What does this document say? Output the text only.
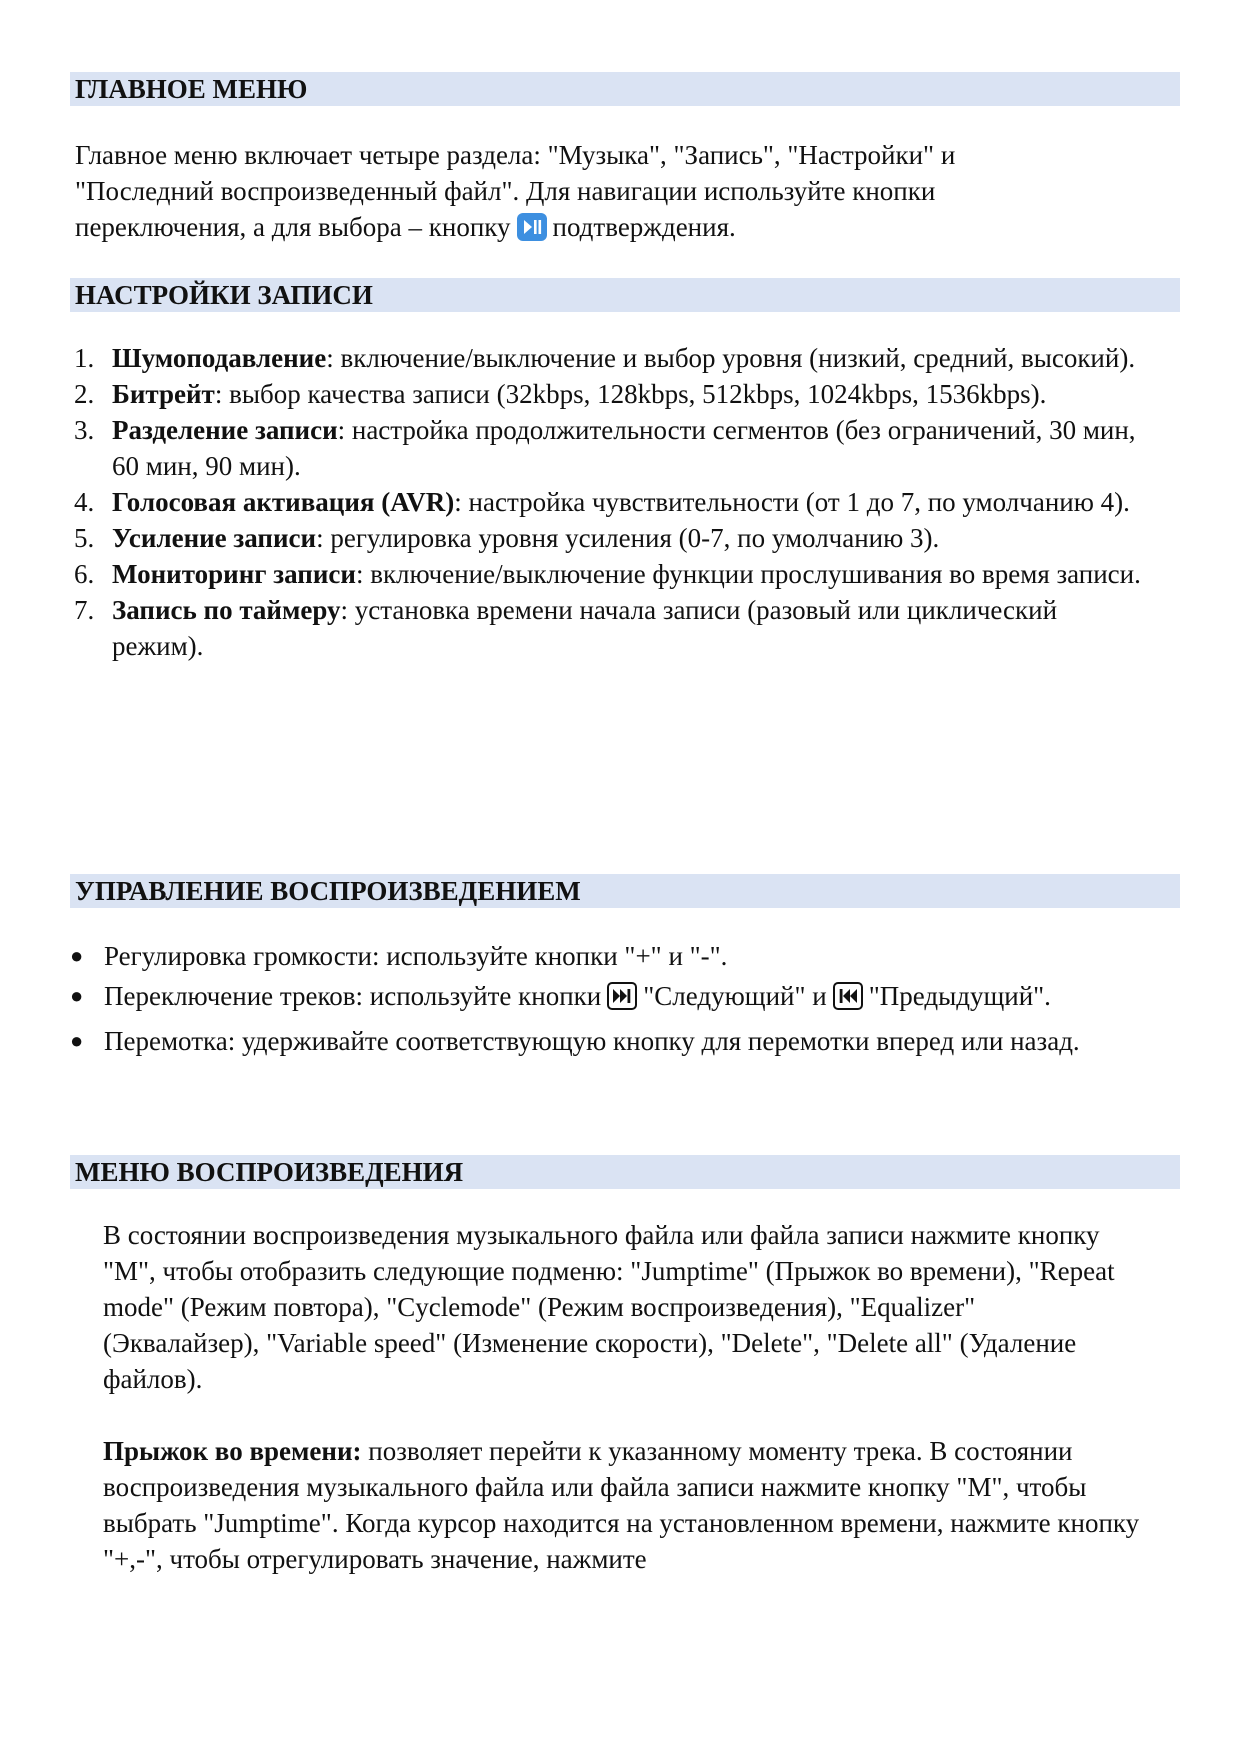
ГЛАВНОЕ МЕНЮ

Главное меню включает четыре раздела: "Музыка", "Запись", "Настройки" и "Последний воспроизведенный файл". Для навигации используйте кнопки переключения, а для выбора – кнопку подтверждения.

НАСТРОЙКИ ЗАПИСИ
1. Шумоподавление: включение/выключение и выбор уровня (низкий, средний, высокий).
2. Битрейт: выбор качества записи (32kbps, 128kbps, 512kbps, 1024kbps, 1536kbps).
3. Разделение записи: настройка продолжительности сегментов (без ограничений, 30 мин, 60 мин, 90 мин).
4. Голосовая активация (AVR): настройка чувствительности (от 1 до 7, по умолчанию 4).
5. Усиление записи: регулировка уровня усиления (0-7, по умолчанию 3).
6. Мониторинг записи: включение/выключение функции прослушивания во время записи.
7. Запись по таймеру: установка времени начала записи (разовый или циклический режим).
УПРАВЛЕНИЕ ВОСПРОИЗВЕДЕНИЕМ
● Регулировка громкости: используйте кнопки "+" и "-".
● Переключение треков: используйте кнопки "Следующий" и "Предыдущий".
● Перемотка: удерживайте соответствующую кнопку для перемотки вперед или назад.
МЕНЮ ВОСПРОИЗВЕДЕНИЯ

В состоянии воспроизведения музыкального файла или файла записи нажмите кнопку "M", чтобы отобразить следующие подменю: "Jumptime" (Прыжок во времени), "Repeat mode" (Режим повтора), "Cyclemode" (Режим воспроизведения), "Equalizer" (Эквалайзер), "Variable speed" (Изменение скорости), "Delete", "Delete all" (Удаление файлов).

Прыжок во времени: позволяет перейти к указанному моменту трека. В состоянии воспроизведения музыкального файла или файла записи нажмите кнопку "M", чтобы выбрать "Jumptime". Когда курсор находится на установленном времени, нажмите кнопку "+,-", чтобы отрегулировать значение, нажмите
